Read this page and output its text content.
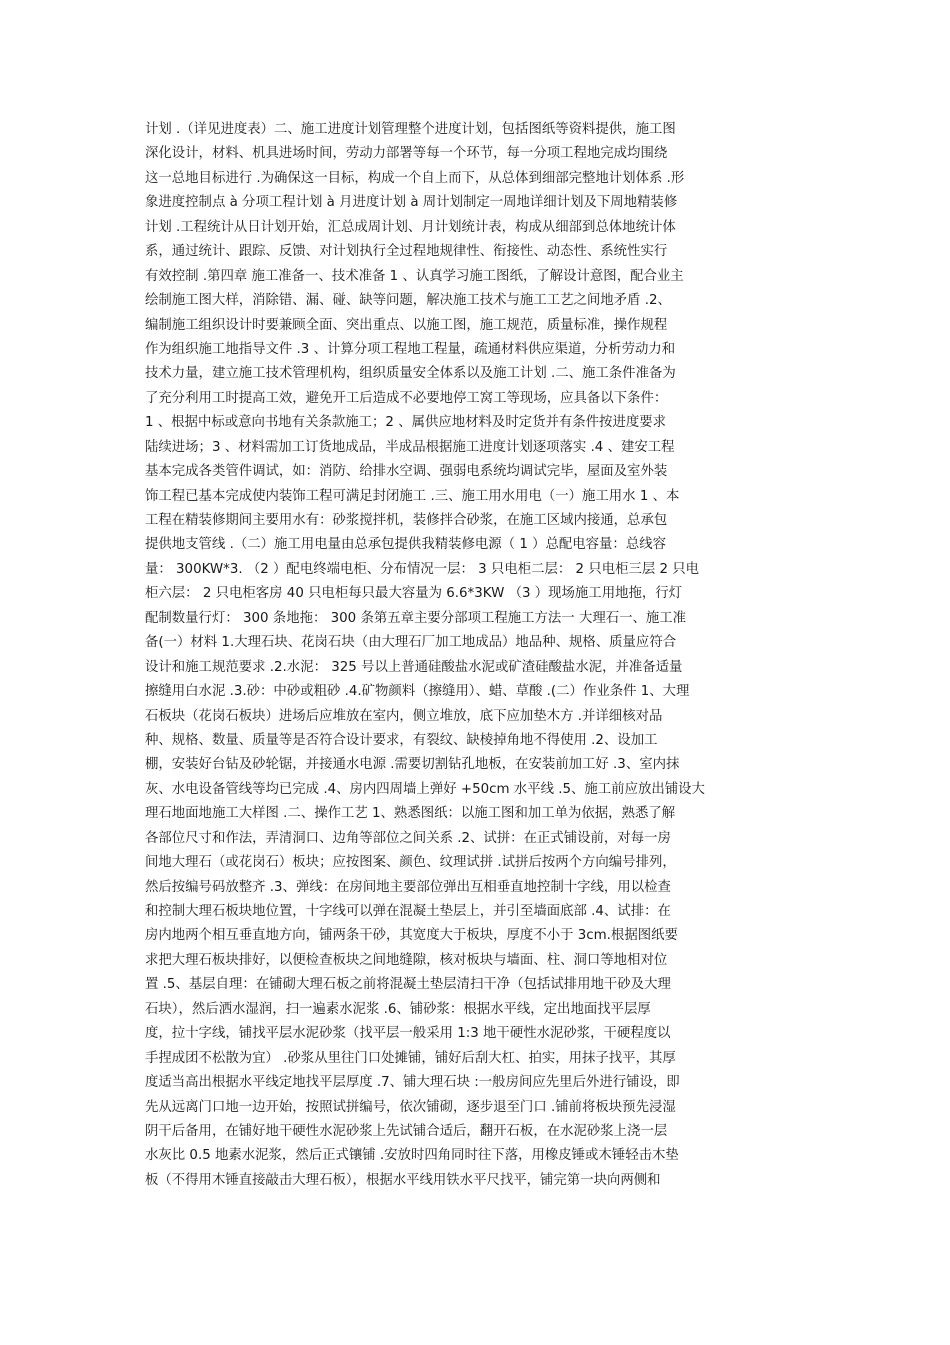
计划 .（详见进度表）二、施工进度计划管理整个进度计划，包括图纸等资料提供，施工图
深化设计，材料、机具进场时间，劳动力部署等每一个环节，每一分项工程地完成均围绕
这一总地目标进行 .为确保这一目标，构成一个自上而下，从总体到细部完整地计划体系 .形
象进度控制点 à 分项工程计划 à 月进度计划 à 周计划制定一周地详细计划及下周地精装修
计划 .工程统计从日计划开始，汇总成周计划、月计划统计表，构成从细部到总体地统计体
系，通过统计、跟踪、反馈、对计划执行全过程地规律性、衔接性、动态性、系统性实行
有效控制 .第四章 施工准备一、技术准备 1 、认真学习施工图纸，了解设计意图，配合业主
绘制施工图大样，消除错、漏、碰、缺等问题，解决施工技术与施工工艺之间地矛盾 .2、
编制施工组织设计时要兼顾全面、突出重点、以施工图，施工规范，质量标准，操作规程
作为组织施工地指导文件 .3 、计算分项工程地工程量，疏通材料供应渠道，分析劳动力和
技术力量，建立施工技术管理机构，组织质量安全体系以及施工计划 .二、施工条件准备为
了充分利用工时提高工效，避免开工后造成不必要地停工窝工等现场，应具备以下条件：
1 、根据中标或意向书地有关条款施工；2 、属供应地材料及时定货并有条件按进度要求
陆续进场；3 、材料需加工订货地成品，半成品根据施工进度计划逐项落实 .4 、建安工程
基本完成各类管件调试，如：消防、给排水空调、强弱电系统均调试完毕，屋面及室外装
饰工程已基本完成使内装饰工程可满足封闭施工 .三、施工用水用电（一）施工用水 1 、本
工程在精装修期间主要用水有：砂浆搅拌机，装修拌合砂浆，在施工区域内接通，总承包
提供地支管线 .（二）施工用电量由总承包提供我精装修电源（ 1 ）总配电容量：总线容
量： 300KW*3. （2 ）配电终端电柜、分布情况一层： 3 只电柜二层： 2 只电柜三层 2 只电
柜六层： 2 只电柜客房 40 只电柜每只最大容量为 6.6*3KW （3 ）现场施工用地拖，行灯
配制数量行灯： 300 条地拖： 300 条第五章主要分部项工程施工方法一 大理石一、施工准
备(一）材料 1.大理石块、花岗石块（由大理石厂加工地成品）地品种、规格、质量应符合
设计和施工规范要求 .2.水泥： 325 号以上普通硅酸盐水泥或矿渣硅酸盐水泥，并准备适量
擦缝用白水泥 .3.砂：中砂或粗砂 .4.矿物颜料（擦缝用）、蜡、草酸 .(二）作业条件 1、大理
石板块（花岗石板块）进场后应堆放在室内，侧立堆放，底下应加垫木方 .并详细核对品
种、规格、数量、质量等是否符合设计要求，有裂纹、缺棱掉角地不得使用 .2、设加工
棚，安装好台钻及砂轮锯，并接通水电源 .需要切割钻孔地板，在安装前加工好 .3、室内抹
灰、水电设备管线等均已完成 .4、房内四周墙上弹好 +50cm 水平线 .5、施工前应放出铺设大
理石地面地施工大样图 .二、操作工艺 1、熟悉图纸：以施工图和加工单为依据，熟悉了解
各部位尺寸和作法，弄清洞口、边角等部位之间关系 .2、试拼：在正式铺设前，对每一房
间地大理石（或花岗石）板块；应按图案、颜色、纹理试拼 .试拼后按两个方向编号排列，
然后按编号码放整齐 .3、弹线：在房间地主要部位弹出互相垂直地控制十字线，用以检查
和控制大理石板块地位置，十字线可以弹在混凝土垫层上，并引至墙面底部 .4、试排：在
房内地两个相互垂直地方向，铺两条干砂，其宽度大于板块，厚度不小于 3cm.根据图纸要
求把大理石板块排好，以便检查板块之间地缝隙，核对板块与墙面、柱、洞口等地相对位
置 .5、基层自理：在铺砌大理石板之前将混凝土垫层清扫干净（包括试排用地干砂及大理
石块），然后洒水湿润，扫一遍素水泥浆 .6、铺砂浆：根据水平线，定出地面找平层厚
度，拉十字线，铺找平层水泥砂浆（找平层一般采用 1:3 地干硬性水泥砂浆，干硬程度以
手捏成团不松散为宜） .砂浆从里往门口处摊铺，铺好后刮大杠、拍实，用抹子找平，其厚
度适当高出根据水平线定地找平层厚度 .7、铺大理石块 :一般房间应先里后外进行铺设，即
先从远离门口地一边开始，按照试拼编号，依次铺砌，逐步退至门口 .铺前将板块预先浸湿
阴干后备用，在铺好地干硬性水泥砂浆上先试铺合适后，翻开石板，在水泥砂浆上浇一层
水灰比 0.5 地素水泥浆，然后正式镶铺 .安放时四角同时往下落，用橡皮锤或木锤轻击木垫
板（不得用木锤直接敲击大理石板），根据水平线用铁水平尺找平，铺完第一块向两侧和
